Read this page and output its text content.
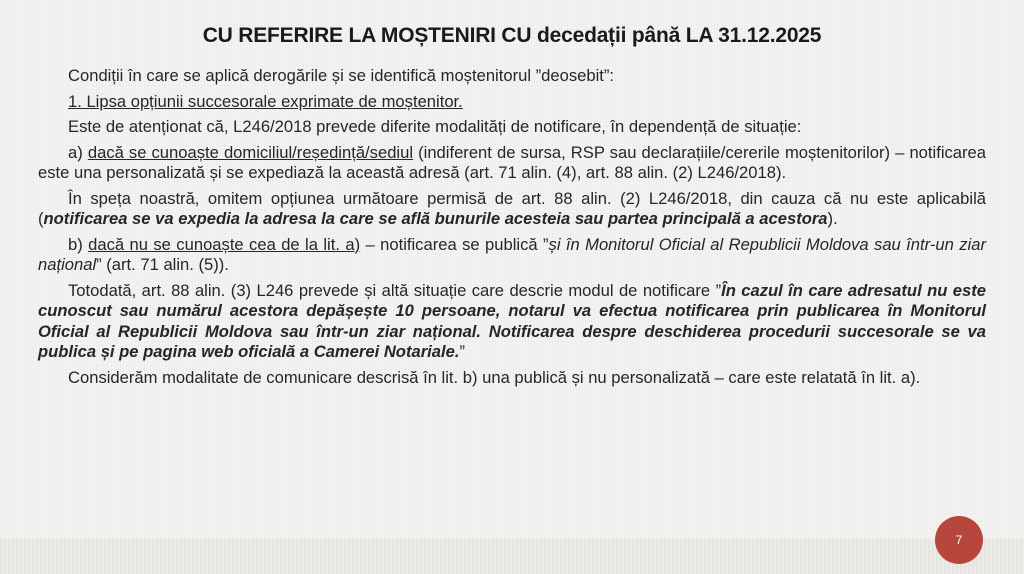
CU REFERIRE LA MOȘTENIRI CU decedații până LA 31.12.2025

Condiții în care se aplică derogările și se identifică moștenitorul ”deosebit”:

1. Lipsa opțiunii succesorale exprimate de moștenitor.

Este de atenționat că, L246/2018 prevede diferite modalități de notificare, în dependență de situație:

a) dacă se cunoaște domiciliul/reședință/sediul (indiferent de sursa, RSP sau declarațiile/cererile moștenitorilor) – notificarea este una personalizată și se expediază la această adresă (art. 71 alin. (4), art. 88 alin. (2) L246/2018).

În speța noastră, omitem opțiunea următoare permisă de art. 88 alin. (2) L246/2018, din cauza că nu este aplicabilă (notificarea se va expedia la adresa la care se află bunurile acesteia sau partea principală a acestora).

b) dacă nu se cunoaște cea de la lit. a) – notificarea se publică ”și în Monitorul Oficial al Republicii Moldova sau într-un ziar național” (art. 71 alin. (5)).

Totodată, art. 88 alin. (3) L246 prevede și altă situație care descrie modul de notificare ”În cazul în care adresatul nu este cunoscut sau numărul acestora depășește 10 persoane, notarul va efectua notificarea prin publicarea în Monitorul Oficial al Republicii Moldova sau într-un ziar național. Notificarea despre deschiderea procedurii succesorale se va publica și pe pagina web oficială a Camerei Notariale.”

Considerăm modalitate de comunicare descrisă în lit. b) una publică și nu personalizată – care este relatată în lit. a).

7
